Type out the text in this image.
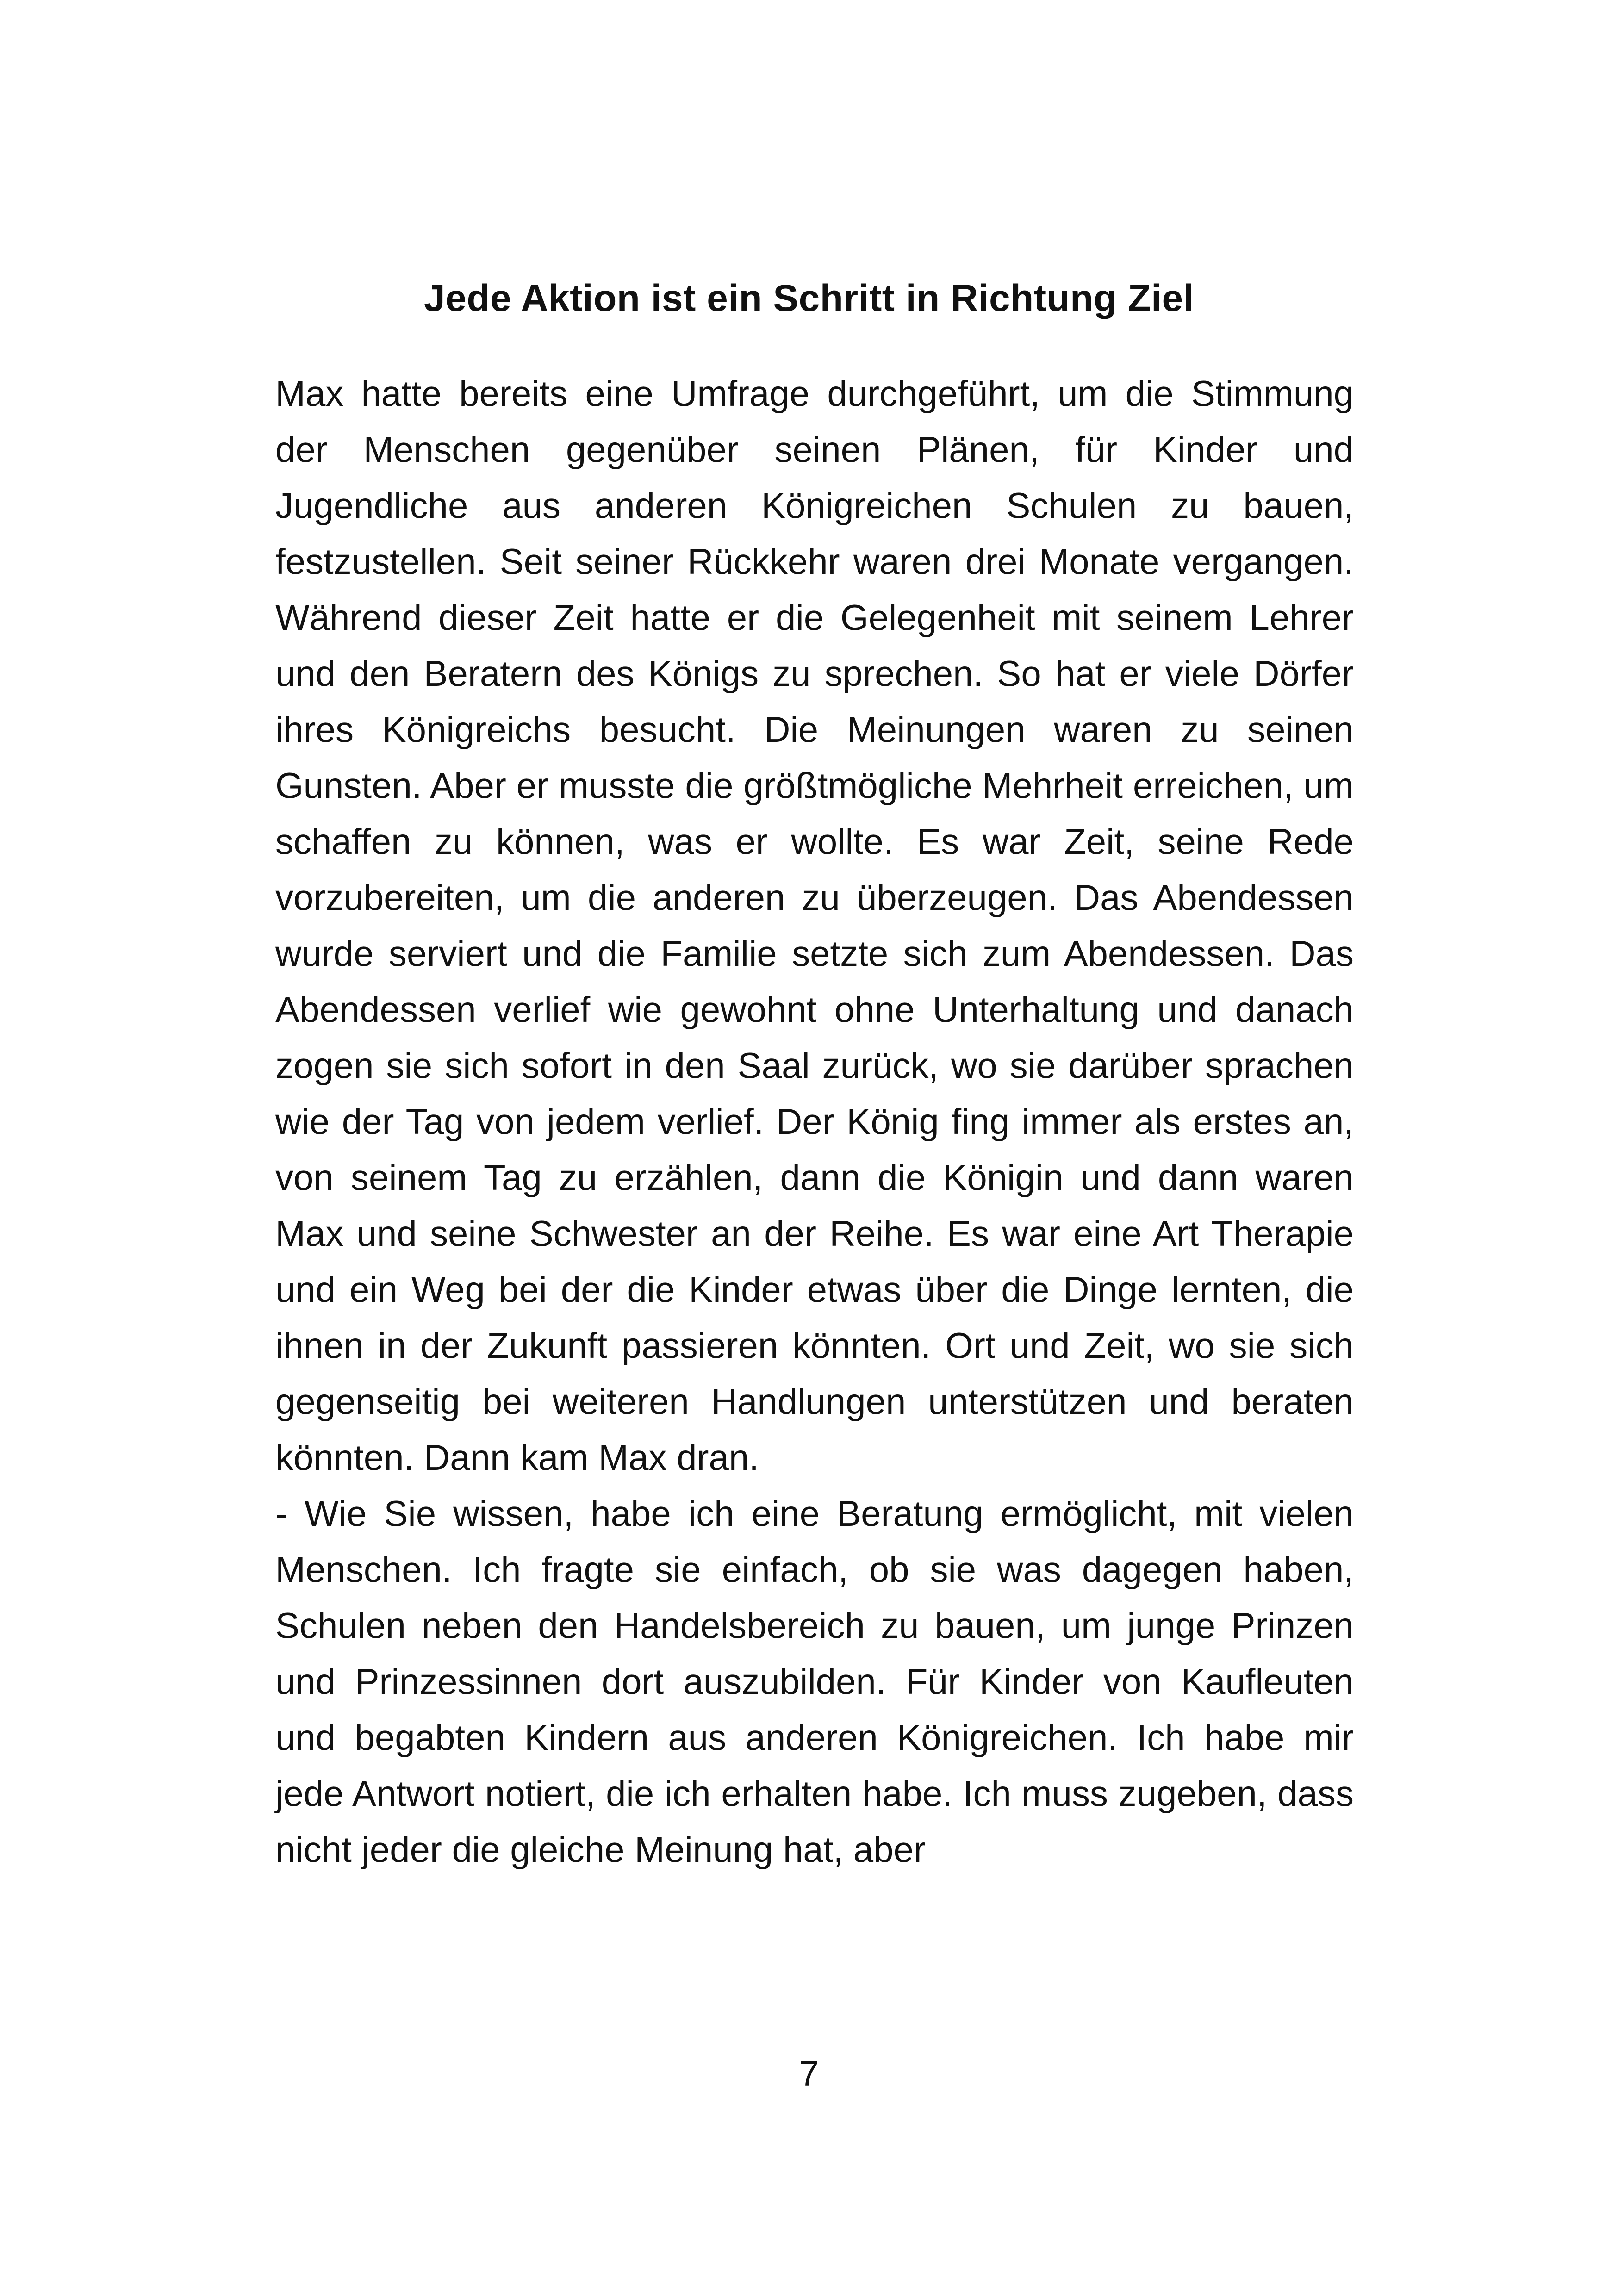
Jede Aktion ist ein Schritt in Richtung Ziel

Max hatte bereits eine Umfrage durchgeführt, um die Stimmung der Menschen gegenüber seinen Plänen, für Kinder und Jugendliche aus anderen Königreichen Schulen zu bauen, festzustellen. Seit seiner Rückkehr waren drei Monate vergangen. Während dieser Zeit hatte er die Gelegenheit mit seinem Lehrer und den Beratern des Königs zu sprechen. So hat er viele Dörfer ihres Königreichs besucht. Die Meinungen waren zu seinen Gunsten. Aber er musste die größtmögliche Mehrheit erreichen, um schaffen zu können, was er wollte. Es war Zeit, seine Rede vorzubereiten, um die anderen zu überzeugen. Das Abendessen wurde serviert und die Familie setzte sich zum Abendessen. Das Abendessen verlief wie gewohnt ohne Unterhaltung und danach zogen sie sich sofort in den Saal zurück, wo sie darüber sprachen wie der Tag von jedem verlief. Der König fing immer als erstes an, von seinem Tag zu erzählen, dann die Königin und dann waren Max und seine Schwester an der Reihe. Es war eine Art Therapie und ein Weg bei der die Kinder etwas über die Dinge lernten, die ihnen in der Zukunft passieren könnten. Ort und Zeit, wo sie sich gegenseitig bei weiteren Handlungen unterstützen und beraten könnten. Dann kam Max dran.

- Wie Sie wissen, habe ich eine Beratung ermöglicht, mit vielen Menschen. Ich fragte sie einfach, ob sie was dagegen haben, Schulen neben den Handelsbereich zu bauen, um junge Prinzen und Prinzessinnen dort auszubilden. Für Kinder von Kaufleuten und begabten Kindern aus anderen Königreichen. Ich habe mir jede Antwort notiert, die ich erhalten habe. Ich muss zugeben, dass nicht jeder die gleiche Meinung hat, aber

7
